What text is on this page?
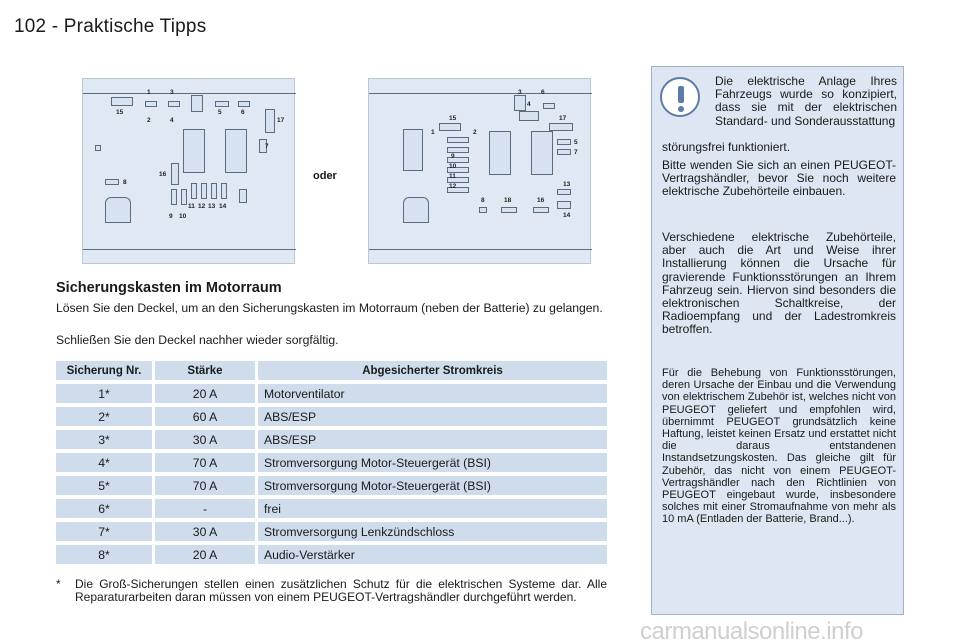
102 - Praktische Tipps
1	3
15
2	4
5	6
17
7
16
8
9 10
11 12 13 14
oder
3	6
4
15	17
1	2
5
7
9
10
11
12	13
8	18	16
14
Sicherungskasten im Motorraum
Lösen Sie den Deckel, um an den Sicherungskasten im Motorraum (neben der Batterie) zu gelangen.
Schließen Sie den Deckel nachher wieder sorgfältig.
Sicherung Nr.	Stärke	Abgesicherter Stromkreis
1*	20 A	Motorventilator
2*	60 A	ABS/ESP
3*	30 A	ABS/ESP
4*	70 A	Stromversorgung Motor-Steuergerät (BSI)
5*	70 A	Stromversorgung Motor-Steuergerät (BSI)
6*	-	frei
7*	30 A	Stromversorgung Lenkzündschloss
8*	20 A	Audio-Verstärker
* Die Groß-Sicherungen stellen einen zusätzlichen Schutz für die elektrischen Systeme dar. Alle Reparaturarbeiten daran müssen von einem PEUGEOT-Vertragshändler durchgeführt werden.
Die elektrische Anlage Ihres Fahrzeugs wurde so konzipiert, dass sie mit der elektrischen Standard- und Sonderausstattung
störungsfrei funktioniert.

Bitte wenden Sie sich an einen PEUGEOT-Vertragshändler, bevor Sie noch weitere elektrische Zubehörteile einbauen.

Verschiedene elektrische Zubehörteile, aber auch die Art und Weise ihrer Installierung können die Ursache für gravierende Funktionsstörungen an Ihrem Fahrzeug sein. Hiervon sind besonders die elektronischen Schaltkreise, der Radioempfang und der Ladestromkreis betroffen.

Für die Behebung von Funktionsstörungen, deren Ursache der Einbau und die Verwendung von elektrischem Zubehör ist, welches nicht von PEUGEOT geliefert und empfohlen wird, übernimmt PEUGEOT grundsätzlich keine Haftung, leistet keinen Ersatz und erstattet nicht die daraus entstandenen Instandsetzungskosten. Das gleiche gilt für Zubehör, das nicht von einem PEUGEOT-Vertragshändler nach den Richtlinien von PEUGEOT eingebaut wurde, insbesondere solches mit einer Stromaufnahme von mehr als 10 mA (Entladen der Batterie, Brand...).

carmanualsonline.info
